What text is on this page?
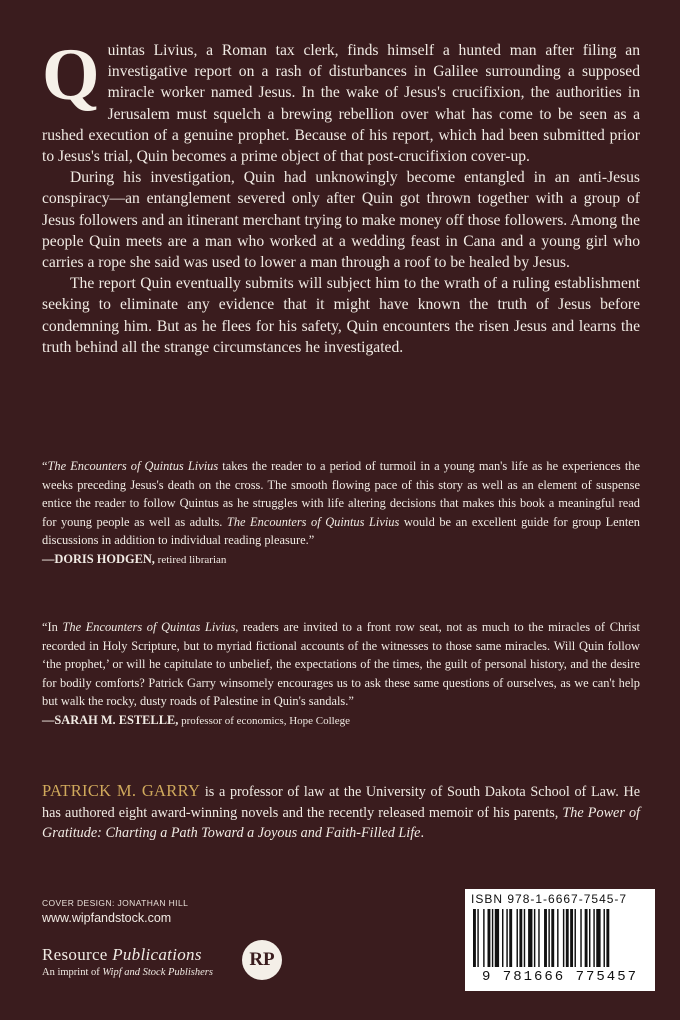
Quintas Livius, a Roman tax clerk, finds himself a hunted man after filing an investigative report on a rash of disturbances in Galilee surrounding a supposed miracle worker named Jesus. In the wake of Jesus's crucifixion, the authorities in Jerusalem must squelch a brewing rebellion over what has come to be seen as a rushed execution of a genuine prophet. Because of his report, which had been submitted prior to Jesus's trial, Quin becomes a prime object of that post-crucifixion cover-up.

During his investigation, Quin had unknowingly become entangled in an anti-Jesus conspiracy—an entanglement severed only after Quin got thrown together with a group of Jesus followers and an itinerant merchant trying to make money off those followers. Among the people Quin meets are a man who worked at a wedding feast in Cana and a young girl who carries a rope she said was used to lower a man through a roof to be healed by Jesus.

The report Quin eventually submits will subject him to the wrath of a ruling establishment seeking to eliminate any evidence that it might have known the truth of Jesus before condemning him. But as he flees for his safety, Quin encounters the risen Jesus and learns the truth behind all the strange circumstances he investigated.

“The Encounters of Quintus Livius takes the reader to a period of turmoil in a young man's life as he experiences the weeks preceding Jesus's death on the cross. The smooth flowing pace of this story as well as an element of suspense entice the reader to follow Quintus as he struggles with life altering decisions that makes this book a meaningful read for young people as well as adults. The Encounters of Quintus Livius would be an excellent guide for group Lenten discussions in addition to individual reading pleasure.”

—DORIS HODGEN, retired librarian

“In The Encounters of Quintas Livius, readers are invited to a front row seat, not as much to the miracles of Christ recorded in Holy Scripture, but to myriad fictional accounts of the witnesses to those same miracles. Will Quin follow ‘the prophet,’ or will he capitulate to unbelief, the expectations of the times, the guilt of personal history, and the desire for bodily comforts? Patrick Garry winsomely encourages us to ask these same questions of ourselves, as we can't help but walk the rocky, dusty roads of Palestine in Quin's sandals.”

—SARAH M. ESTELLE, professor of economics, Hope College

PATRICK M. GARRY is a professor of law at the University of South Dakota School of Law. He has authored eight award-winning novels and the recently released memoir of his parents, The Power of Gratitude: Charting a Path Toward a Joyous and Faith-Filled Life.
COVER DESIGN: JONATHAN HILL
www.wipfandstock.com
Resource Publications
An imprint of Wipf and Stock Publishers
RP
ISBN 978-1-6667-7545-7
9 781666 775457
